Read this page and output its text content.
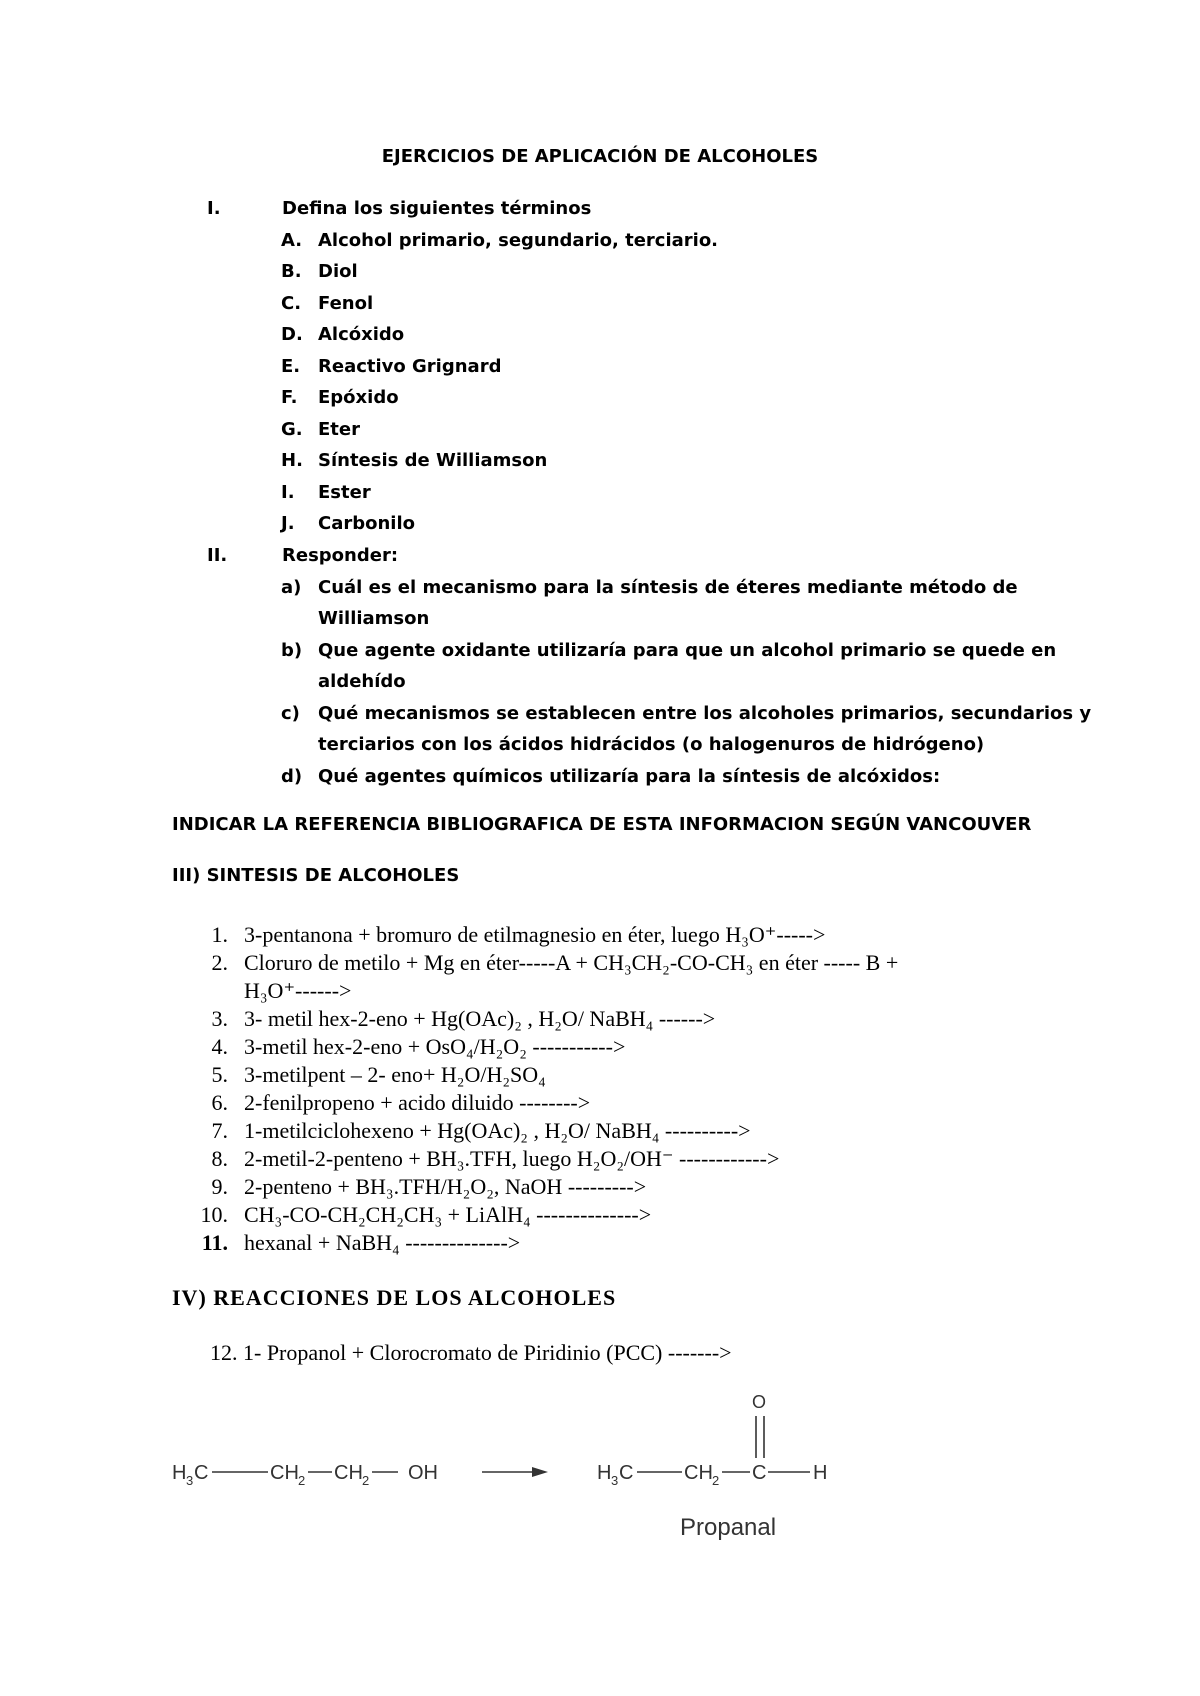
EJERCICIOS DE APLICACIÓN DE ALCOHOLES
I.	Defina los siguientes términos
A. Alcohol primario, segundario, terciario.
B. Diol
C. Fenol
D. Alcóxido
E. Reactivo Grignard
F. Epóxido
G. Eter
H. Síntesis de Williamson
I. Ester
J. Carbonilo
II.	Responder:
a) Cuál es el mecanismo para la síntesis de éteres mediante método de
Williamson
b) Que agente oxidante utilizaría para que un alcohol primario se quede en
aldehído
c) Qué mecanismos se establecen entre los alcoholes primarios, secundarios y
terciarios con los ácidos hidrácidos (o halogenuros de hidrógeno)
d) Qué agentes químicos utilizaría para la síntesis de alcóxidos:
INDICAR LA REFERENCIA BIBLIOGRAFICA DE ESTA INFORMACION SEGÚN VANCOUVER
III) SINTESIS DE ALCOHOLES
1. 3-pentanona + bromuro de etilmagnesio en éter, luego H₃O⁺----->
2. Cloruro de metilo + Mg en éter-----A + CH₃CH₂-CO-CH₃ en éter ----- B +
H₃O⁺------>
3. 3- metil hex-2-eno + Hg(OAc)₂ , H₂O/ NaBH₄ ------>
4. 3-metil hex-2-eno + OsO₄/H₂O₂ ----------->
5. 3-metilpent – 2- eno+ H₂O/H₂SO₄
6. 2-fenilpropeno + acido diluido -------->
7. 1-metilciclohexeno + Hg(OAc)₂ , H₂O/ NaBH₄ ---------->
8. 2-metil-2-penteno + BH₃.TFH, luego H₂O₂/OH⁻ ------------>
9. 2-penteno + BH₃.TFH/H₂O₂, NaOH --------->
10. CH₃-CO-CH₂CH₂CH₃ + LiAlH₄ -------------->
11. hexanal + NaBH₄ -------------->
IV) REACCIONES DE LOS ALCOHOLES
12. 1- Propanol + Clorocromato de Piridinio (PCC) ------->
H 3 C	CH 2 CH 2 OH	H 3 C	CH 2 C H
O
Propanal
